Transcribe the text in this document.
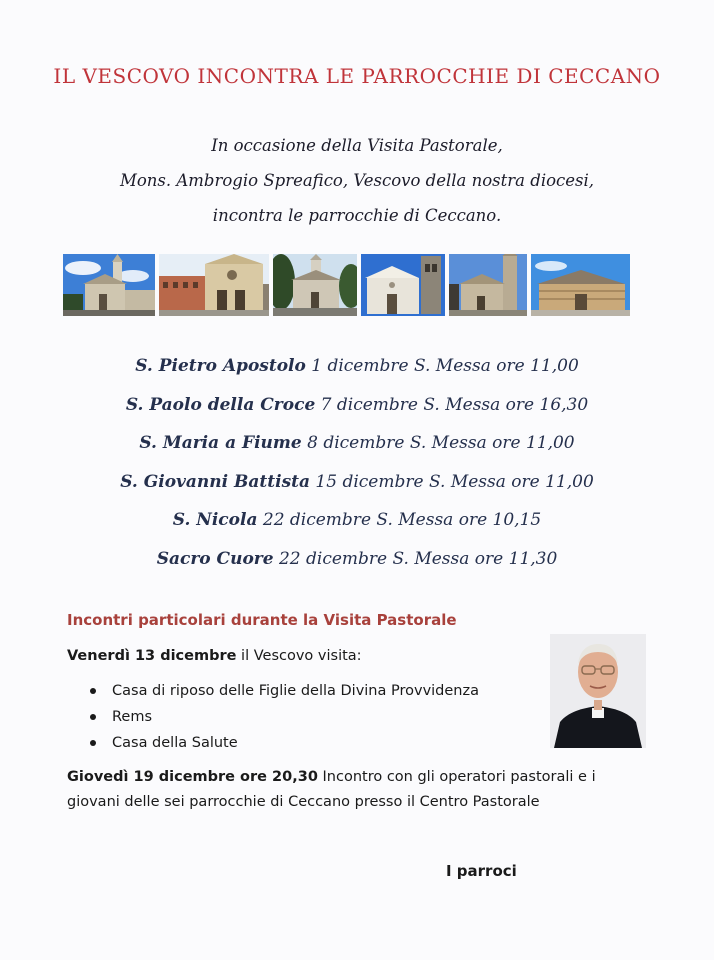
IL VESCOVO INCONTRA LE PARROCCHIE DI CECCANO
In occasione della Visita Pastorale,
Mons. Ambrogio Spreafico, Vescovo della nostra diocesi,
incontra le parrocchie di Ceccano.
S. Pietro Apostolo 1 dicembre S. Messa ore 11,00
S. Paolo della Croce 7 dicembre S. Messa ore 16,30
S. Maria a Fiume 8 dicembre S. Messa ore 11,00
S. Giovanni Battista 15 dicembre S. Messa ore 11,00
S. Nicola 22 dicembre S. Messa ore 10,15
Sacro Cuore 22 dicembre S. Messa ore 11,30
Incontri particolari durante la Visita Pastorale
Venerdì 13 dicembre il Vescovo visita:
Casa di riposo delle Figlie della Divina Provvidenza
Rems
Casa della Salute
Giovedì 19 dicembre ore 20,30 Incontro con gli operatori pastorali e i giovani delle sei parrocchie di Ceccano presso il Centro Pastorale
I parroci
